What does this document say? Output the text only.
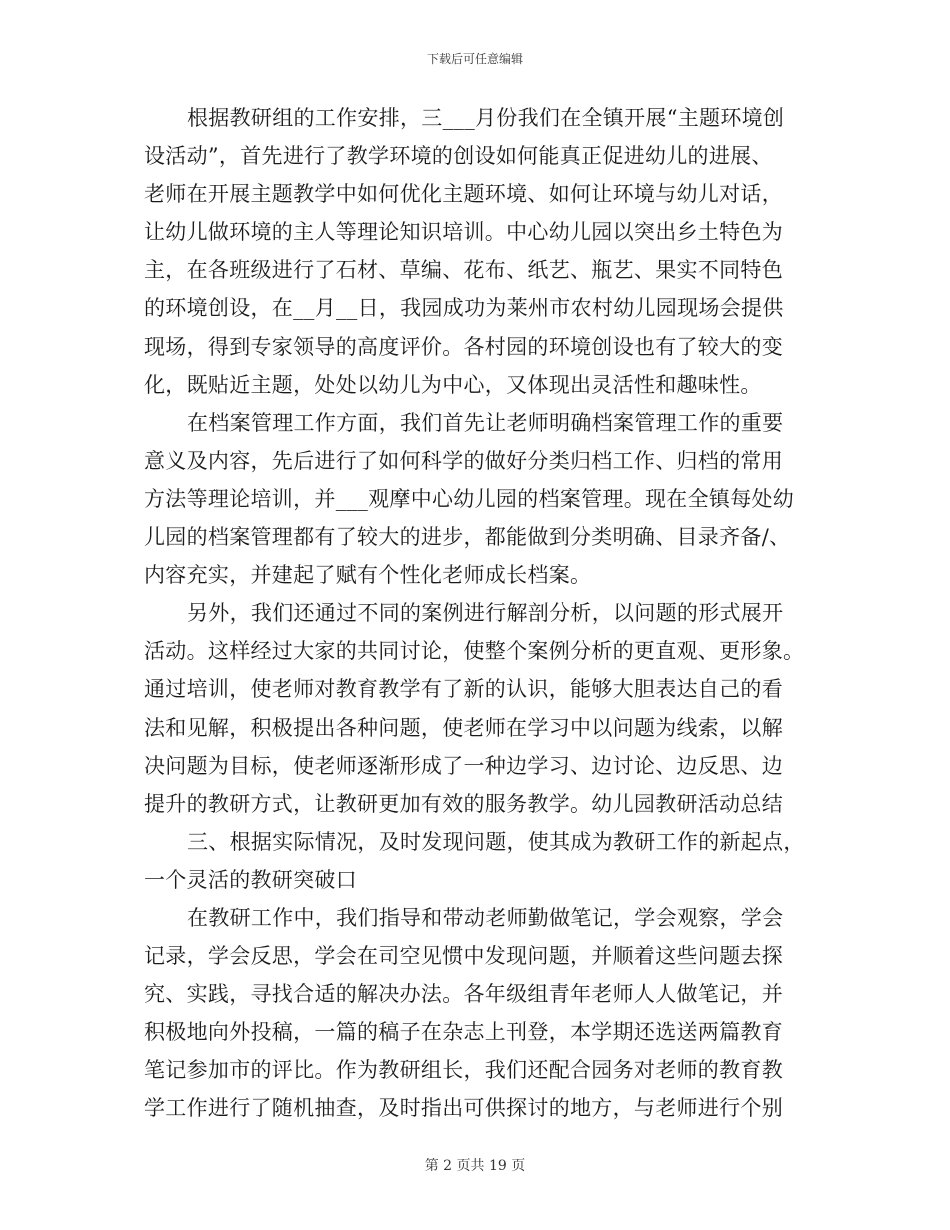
下载后可任意编辑
根据教研组的工作安排，三___月份我们在全镇开展“主题环境创
设活动”，首先进行了教学环境的创设如何能真正促进幼儿的进展、
老师在开展主题教学中如何优化主题环境、如何让环境与幼儿对话，
让幼儿做环境的主人等理论知识培训。中心幼儿园以突出乡土特色为
主，在各班级进行了石材、草编、花布、纸艺、瓶艺、果实不同特色
的环境创设，在__月__日，我园成功为莱州市农村幼儿园现场会提供
现场，得到专家领导的高度评价。各村园的环境创设也有了较大的变
化，既贴近主题，处处以幼儿为中心，又体现出灵活性和趣味性。
在档案管理工作方面，我们首先让老师明确档案管理工作的重要
意义及内容，先后进行了如何科学的做好分类归档工作、归档的常用
方法等理论培训，并___观摩中心幼儿园的档案管理。现在全镇每处幼
儿园的档案管理都有了较大的进步，都能做到分类明确、目录齐备/、
内容充实，并建起了赋有个性化老师成长档案。
另外，我们还通过不同的案例进行解剖分析，以问题的形式展开
活动。这样经过大家的共同讨论，使整个案例分析的更直观、更形象。
通过培训，使老师对教育教学有了新的认识，能够大胆表达自己的看
法和见解，积极提出各种问题，使老师在学习中以问题为线索，以解
决问题为目标，使老师逐渐形成了一种边学习、边讨论、边反思、边
提升的教研方式，让教研更加有效的服务教学。幼儿园教研活动总结
三、根据实际情况，及时发现问题，使其成为教研工作的新起点，
一个灵活的教研突破口
在教研工作中，我们指导和带动老师勤做笔记，学会观察，学会
记录，学会反思，学会在司空见惯中发现问题，并顺着这些问题去探
究、实践，寻找合适的解决办法。各年级组青年老师人人做笔记，并
积极地向外投稿，一篇的稿子在杂志上刊登，本学期还选送两篇教育
笔记参加市的评比。作为教研组长，我们还配合园务对老师的教育教
学工作进行了随机抽查，及时指出可供探讨的地方，与老师进行个别
第 2 页共 19 页
